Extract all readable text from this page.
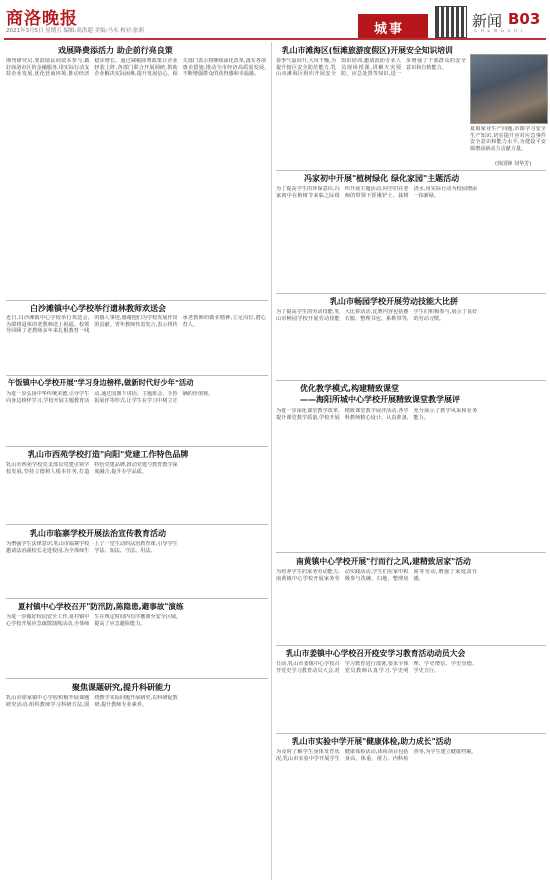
商洛晚报
2021年3月5日 星期五 编辑:高洪超 美编:马永 校对:张莉	城事	新闻 B03
C H E N G S H I
戏展降费添活力 助企前行亮良策
期刊研究员,要鼓励民间资本参与,做好商洛市区的金融服务,用实际行动支持企业发展,优化营商环境,推动经济稳步增长。通过减税降费政策让企业轻装上阵,各部门联合开展调研,帮助企业解决实际困难,提升发展信心。相关部门表示将继续深化改革,落实各项惠企措施,推动全市经济高质量发展,不断增强群众的获得感和幸福感。
白沙滩镇中心学校举行遗林教师欢送会
近日,白沙滩镇中心学校举行欢送会,为即将退休的老教师送上祝福。校领导回顾了老教师多年来扎根教育一线的感人事迹,感谢他们为学校发展作出的贡献。青年教师代表发言,表示将传承老教师的敬业精神,立足岗位,潜心育人。
午饭镇中心学校开展"学习身边榜样,做新时代好少年"活动
为进一步弘扬中华传统美德,引导学生向身边榜样学习,学校开展主题教育活动,通过国旗下讲话、主题班会、手抄报展评等形式,让学生在学习中树立正确的价值观。
乳山市西苑学校打造"向阳"党建工作特色品牌
乳山市西苑学校党支部以党建引领学校发展,坚持立德树人根本任务,打造特色党建品牌,推动党建与教育教学深度融合,提升办学品质。
乳山市临寨学校开展法治宣传教育活动
为增强学生法律意识,乳山市临寨学校邀请法治副校长走进校园,为全体师生上了一堂生动的法治教育课,引导学生学法、知法、守法、用法。
夏村镇中心学校召开"防汛防,陈隐患,避事故"演练
为进一步做好校园安全工作,夏村镇中心学校开展应急疏散演练活动,全体师生在规定时间内有序撤离至安全区域,提高了应急避险能力。
聚焦课题研究,提升科研能力
乳山市徐家镇中心学校积极开展课题研究活动,组织教师学习科研方法,围绕教学实际问题开展研究,以科研促教研,提升教师专业素养。
乳山市滩海区(恒滩旅游度假区)开展安全知识培训
春季气温回升,大风干燥,为提升辖区安全防范能力,乳山市滩海区组织开展安全知识培训,邀请消防专业人员现场授课,讲解火灾预防、应急处置等知识,进一步增强了干部群众的安全意识和自救能力。
夏镇家业生产问题,市镇学习安全生产知识,切实提升应对应急事件安全意识和能力水平,为建设平安镇增添新动力贡献力量。
(徐国锋 刘华芳)
冯家初中开展"植树绿化 绿化家园"主题活动
为了提高学生的环保意识,冯家初中在植树节来临之际组织开展主题活动,同学们在老师的带领下挥锹铲土、栽树浇水,用实际行动为校园增添一抹新绿。
乳山市畅园学校开展劳动技能大比拼
为了提高学生的劳动技能,乳山市畅园学校开展劳动技能大比拼活动,比赛内容包括叠衣服、整理书包、系鞋带等,学生们积极参与,展示了良好的劳动习惯。
优化教学模式,构建精致课堂
——海阳所城中心学校开展精致课堂教学展评
为进一步深化课堂教学改革,提升课堂教学质量,学校开展精致课堂教学展评活动,各学科教师精心设计、认真准备,充分展示了教学风采和业务能力。
南黄镇中心学校开展"行而行之风,建精致居家"活动
为培养学生的家务劳动能力,南黄镇中心学校开展家务劳动实践活动,学生们在家中积极参与洗碗、扫地、整理房间等劳动,增强了家庭责任感。
乳山市姜镇中心学校召开疫安学习教育活动动员大会
日前,乳山市姜镇中心学校召开党史学习教育动员大会,对学习教育进行部署,要求全体党员教师认真学习,学史明理、学史增信、学史崇德、学史力行。
乳山市实验中学开展"健康体检,助力成长"活动
为及时了解学生身体发育状况,乳山市实验中学开展学生健康体检活动,体检项目包括身高、体重、视力、内科检查等,为学生建立健康档案。
